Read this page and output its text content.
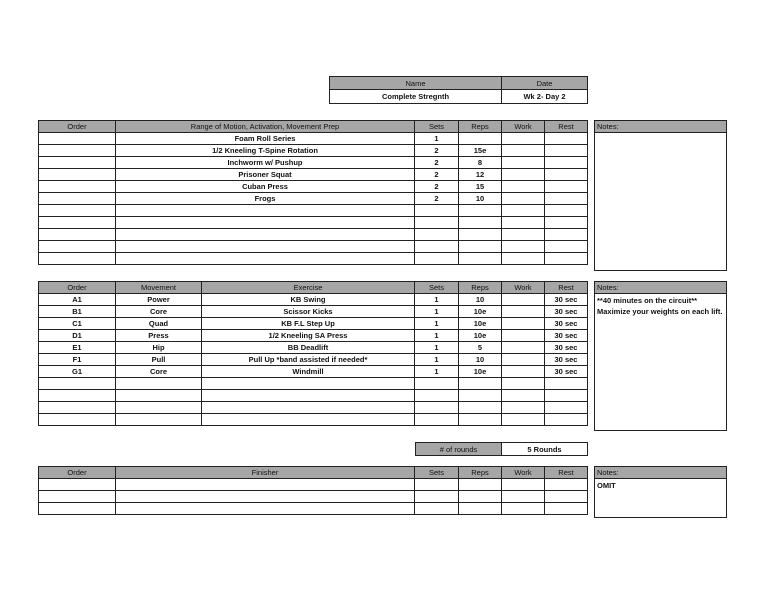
Name	Date
Complete Stregnth	Wk 2- Day 2
Order	Range of Motion, Activation, Movement Prep	Sets	Reps	Work	Rest
	Foam Roll Series	1			
	1/2 Kneeling T-Spine Rotation	2	15e		
	Inchworm w/ Pushup	2	8		
	Prisoner Squat	2	12		
	Cuban Press	2	15		
	Frogs	2	10		

Notes:
Order	Movement	Exercise	Sets	Reps	Work	Rest
A1	Power	KB Swing	1	10		30 sec
B1	Core	Scissor Kicks	1	10e		30 sec
C1	Quad	KB F.L Step Up	1	10e		30 sec
D1	Press	1/2 Kneeling SA Press	1	10e		30 sec
E1	Hip	BB Deadlift	1	5		30 sec
F1	Pull	Pull Up *band assisted if needed*	1	10		30 sec
G1	Core	Windmill	1	10e		30 sec

Notes:
**40 minutes on the circuit**
Maximize your weights on each lift.
# of rounds	5 Rounds
Order	Finisher	Sets	Reps	Work	Rest

						Notes:
OMIT
